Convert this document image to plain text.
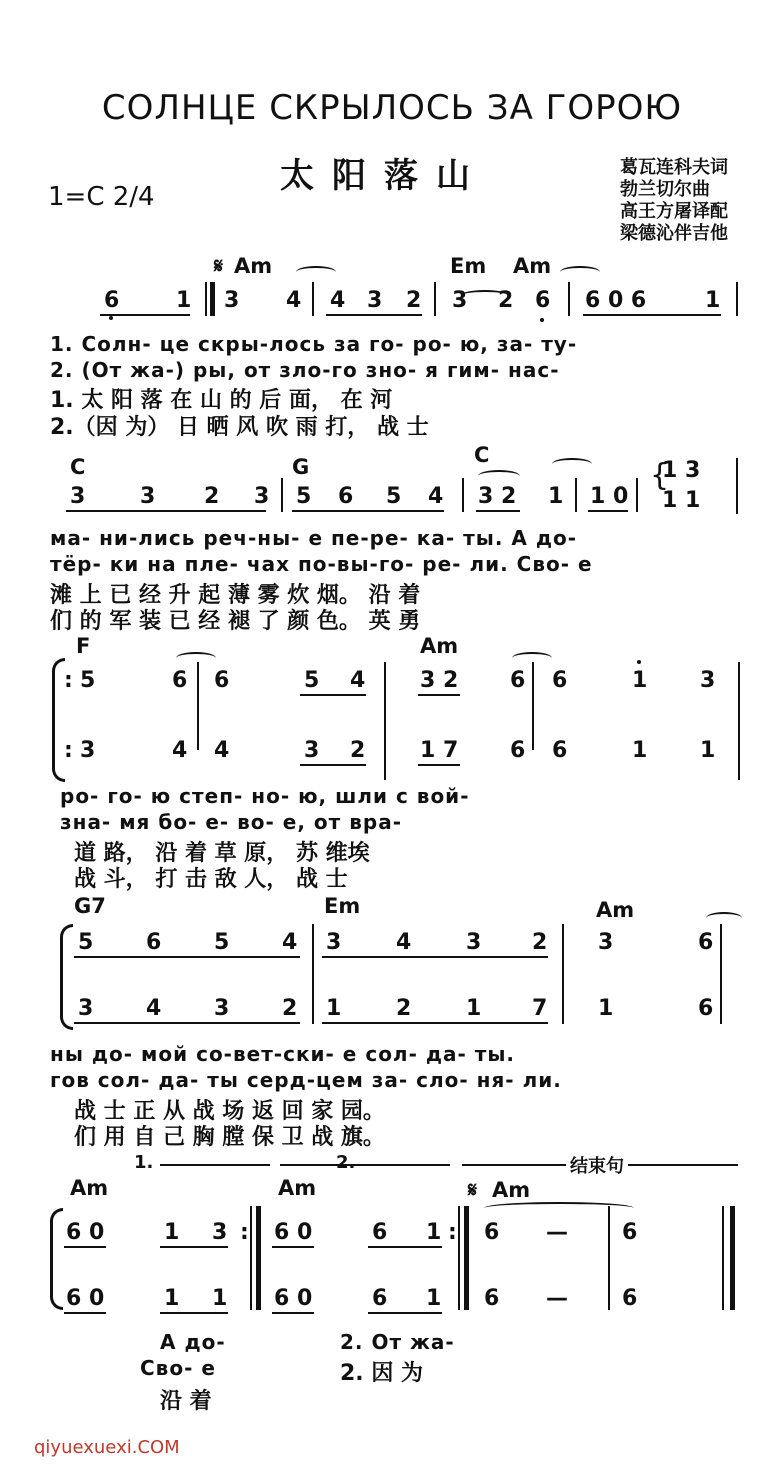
СОЛНЦЕ СКРЫЛОСЬ ЗА ГОРОЮ
太阳落山
1=C 2/4
葛瓦连科夫词
勃兰切尔曲
高王方屠译配
梁德沁伴吉他
𝄋 Am	Em Am
6	1 3 4 4 3 2 3 2 6 6 0 6	1
1. Солн- це скры-лось за го- ро- ю, за- ту-
2. (От жа-) ры, от зло-го зно- я гим- нас-
1. 太 阳 落 在 山 的 后 面， 在 河
2.（因 为） 日 晒 风 吹 雨 打， 战 士
C	G	C
3 3 2 3 5 6 5 4 3 2 1 1 0
{
1 3
1 1
ма- ни-лись реч-ны- е пе-ре- ка- ты. А до-
тёр- ки на пле- чах по-вы-го- ре- ли. Сво- е
滩 上 已 经 升 起 薄 雾 炊 烟。 沿 着
们 的 军 装 已 经 褪 了 颜 色。 英 勇
F	Am
: 5	6 6	5 4 3 2 6 6	1 3
: 3	4 4	3 2 1 7 6 6	1 1
ро- го- ю степ- но- ю, шли с вой-
зна- мя бо- е- во- е, от вра-
道 路， 沿 着 草 原， 苏 维埃
战 斗， 打 击 敌 人， 战 士
G7	Em	Am
5 6 5 4 3 4 3 2 3	6
3 4 3 2 1 2 1 7 1	6
ны до- мой со-вет-ски- е сол- да- ты.
гов сол- да- ты серд-цем за- сло- ня- ли.
战 士 正 从 战 场 返 回 家 园。
们 用 自 己 胸 膛 保 卫 战 旗。
1.	2.	结束句
Am	Am	𝄋 Am
6 0	1 3 : 6 0	6 1 : 6 — 6
6 0	1 1 6 0	6 1 6 — 6
А до-	2. От жа-
Сво- е	2. 因 为
沿 着
qiyuexuexi.COM
